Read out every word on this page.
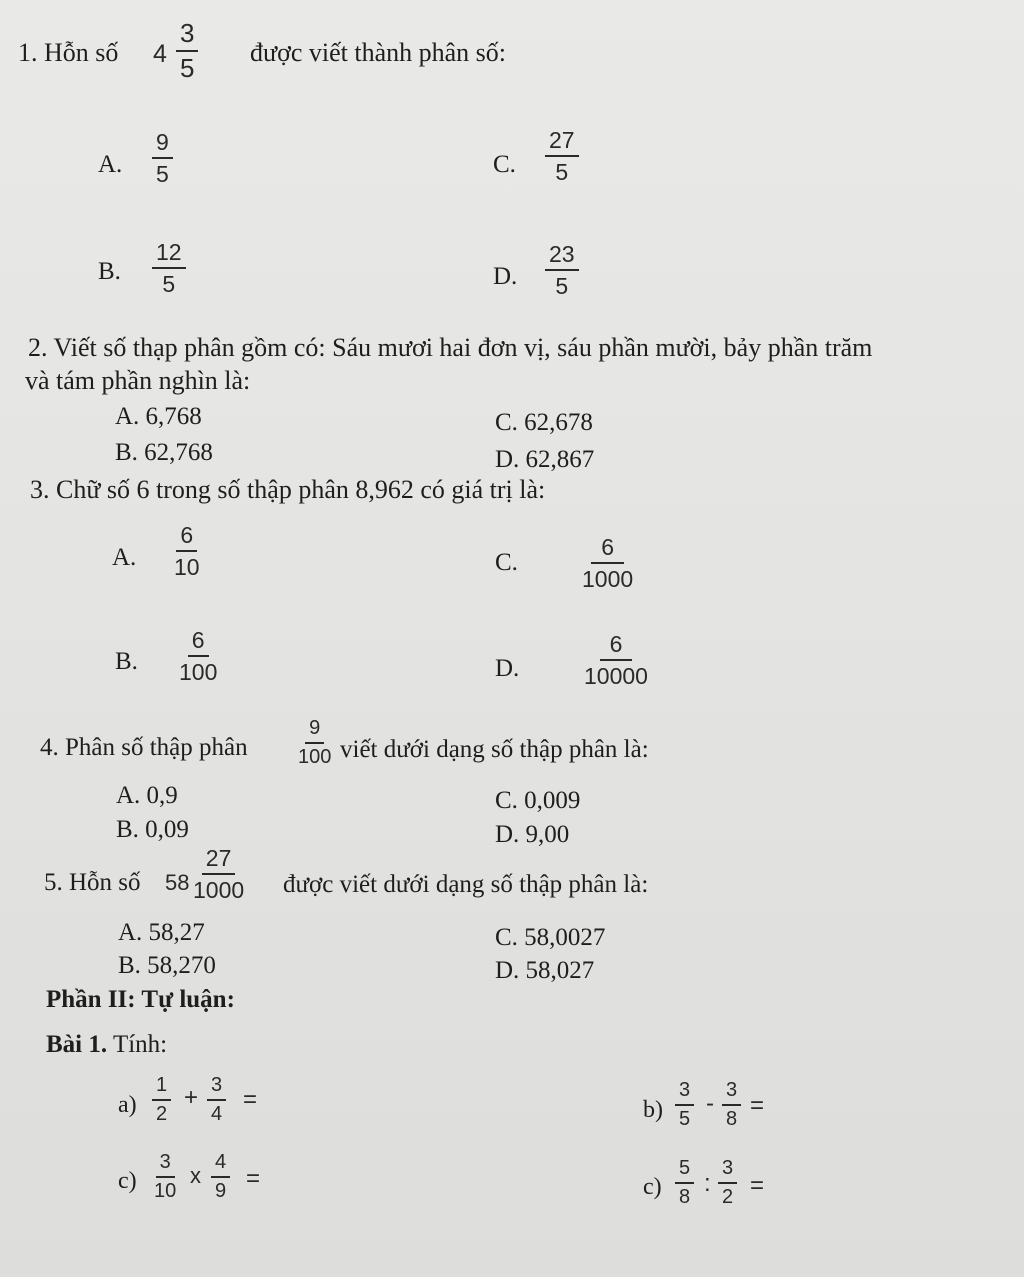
1. Hỗn số $4 \frac{3}{5}$ được viết thành phân số:
A. $\frac{9}{5}$
B. $\frac{12}{5}$
C. $\frac{27}{5}$
D. $\frac{23}{5}$
2. Viết số thạp phân gồm có: Sáu mươi hai đơn vị, sáu phần mười, bảy phần trăm
và tám phần nghìn là:
A. 6,768
B. 62,768
C. 62,678
D. 62,867
3. Chữ số 6 trong số thập phân 8,962 có giá trị là:
A. $\frac{6}{10}$
B. $\frac{6}{100}$
C. $\frac{6}{1000}$
D. $\frac{6}{10000}$
4. Phân số thập phân $\frac{9}{100}$ viết dưới dạng số thập phân là:
A. 0,9
B. 0,09
C. 0,009
D. 9,00
5. Hỗn số $58 \frac{27}{1000}$ được viết dưới dạng số thập phân là:
A. 58,27
B. 58,270
C. 58,0027
D. 58,027
Phần II: Tự luận:
Bài 1. Tính:
$a) \frac{1}{2} + \frac{3}{4}$ =	$b) \frac{3}{5} - \frac{3}{8}$ =
$c) \frac{3}{10}$ x $\frac{4}{9}$ =	$c) \frac{5}{8}$ : $\frac{3}{2}$ =
